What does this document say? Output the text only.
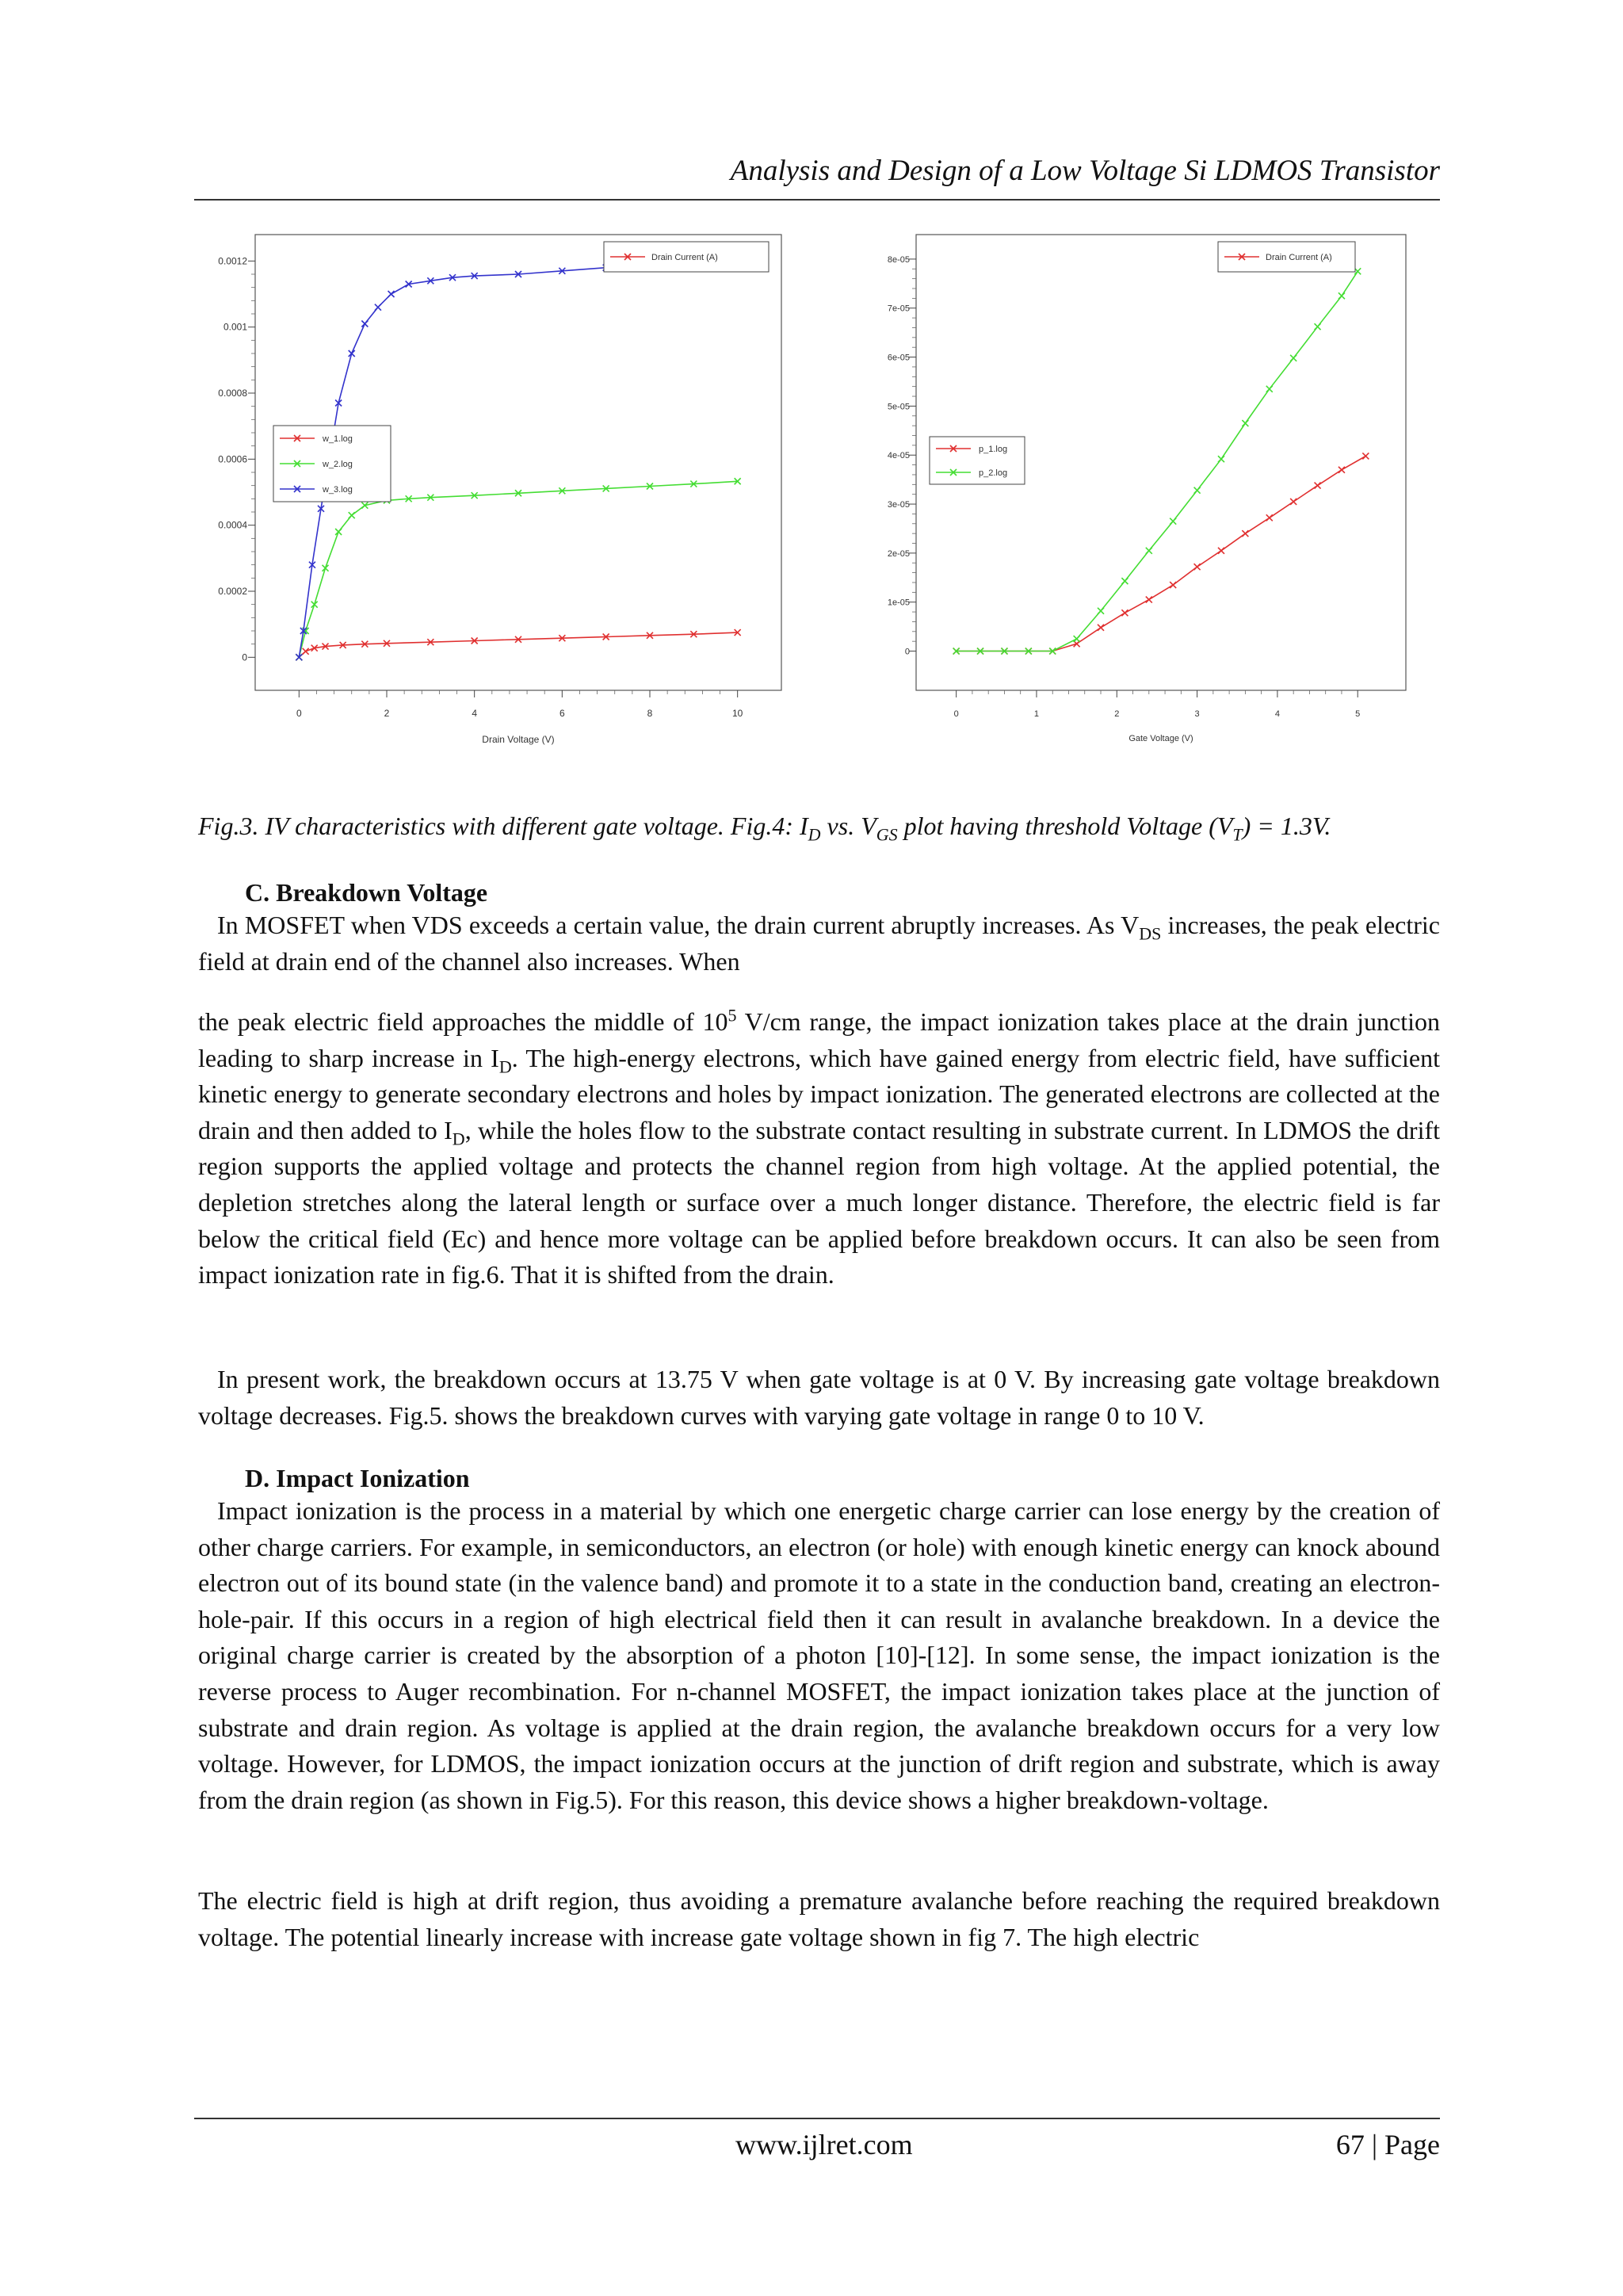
Analysis and Design of a Low Voltage Si LDMOS Transistor
0	2	4	6	8	10
Drain Voltage (V)
0
0.0002
0.0004
0.0006
0.0008
0.001
0.0012	Drain Current (A)
w_1.log
w_2.log
w_3.log
0	1	2	3	4	5
Gate Voltage (V)
0
1e-05
2e-05
3e-05
4e-05
5e-05
6e-05
7e-05
8e-05	Drain Current (A)
p_1.log
p_2.log
Fig.3. IV characteristics with different gate voltage. Fig.4: $I_D$ vs. $V_{GS}$ plot having threshold Voltage $(V_T) = 1.3V$.
C. Breakdown Voltage
In MOSFET when VDS exceeds a certain value, the drain current abruptly increases. As $V_{DS}$ increases, the peak electric field at drain end of the channel also increases. When
the peak electric field approaches the middle of $10^5$ V/cm range, the impact ionization takes place at the drain junction leading to sharp increase in $I_D$. The high-energy electrons, which have gained energy from electric field, have sufficient kinetic energy to generate secondary electrons and holes by impact ionization. The generated electrons are collected at the drain and then added to $I_D$, while the holes flow to the substrate contact resulting in substrate current. In LDMOS the drift region supports the applied voltage and protects the channel region from high voltage. At the applied potential, the depletion stretches along the lateral length or surface over a much longer distance. Therefore, the electric field is far below the critical field (Ec) and hence more voltage can be applied before breakdown occurs. It can also be seen from impact ionization rate in fig.6. That it is shifted from the drain.
In present work, the breakdown occurs at 13.75 V when gate voltage is at 0 V. By increasing gate voltage breakdown voltage decreases. Fig.5. shows the breakdown curves with varying gate voltage in range 0 to 10 V.
D. Impact Ionization
Impact ionization is the process in a material by which one energetic charge carrier can lose energy by the creation of other charge carriers. For example, in semiconductors, an electron (or hole) with enough kinetic energy can knock abound electron out of its bound state (in the valence band) and promote it to a state in the conduction band, creating an electron-hole-pair. If this occurs in a region of high electrical field then it can result in avalanche breakdown. In a device the original charge carrier is created by the absorption of a photon [10]-[12]. In some sense, the impact ionization is the reverse process to Auger recombination. For n-channel MOSFET, the impact ionization takes place at the junction of substrate and drain region. As voltage is applied at the drain region, the avalanche breakdown occurs for a very low voltage. However, for LDMOS, the impact ionization occurs at the junction of drift region and substrate, which is away from the drain region (as shown in Fig.5). For this reason, this device shows a higher breakdown-voltage.
The electric field is high at drift region, thus avoiding a premature avalanche before reaching the required breakdown voltage. The potential linearly increase with increase gate voltage shown in fig 7. The high electric
www.ijlret.com	67 | Page
